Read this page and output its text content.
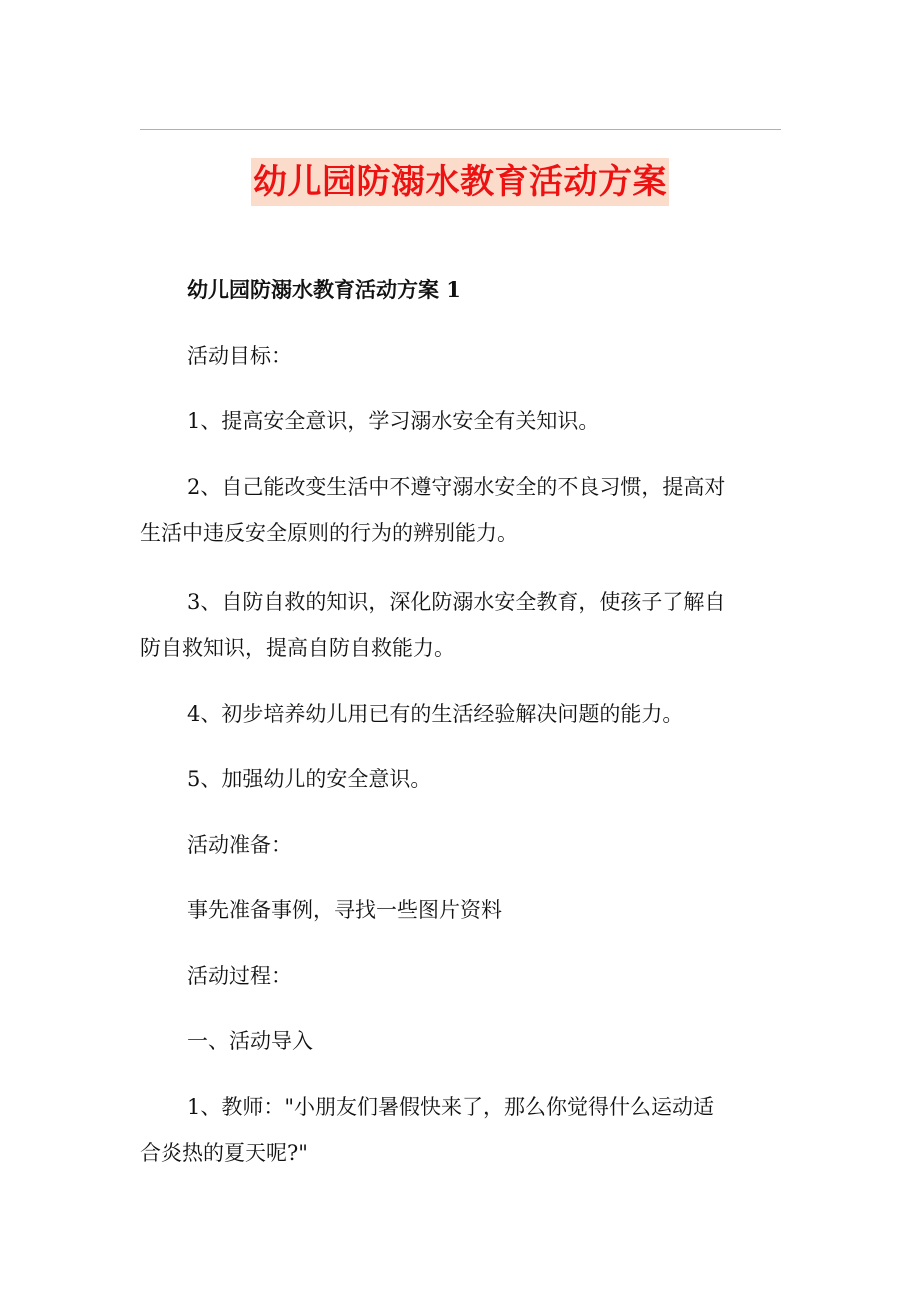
幼儿园防溺水教育活动方案
幼儿园防溺水教育活动方案 1
活动目标：
1、提高安全意识，学习溺水安全有关知识。
2、自己能改变生活中不遵守溺水安全的不良习惯，提高对
生活中违反安全原则的行为的辨别能力。
3、自防自救的知识，深化防溺水安全教育，使孩子了解自
防自救知识，提高自防自救能力。
4、初步培养幼儿用已有的生活经验解决问题的能力。
5、加强幼儿的安全意识。
活动准备：
事先准备事例，寻找一些图片资料
活动过程：
一、活动导入
1、教师："小朋友们暑假快来了，那么你觉得什么运动适
合炎热的夏天呢?"
